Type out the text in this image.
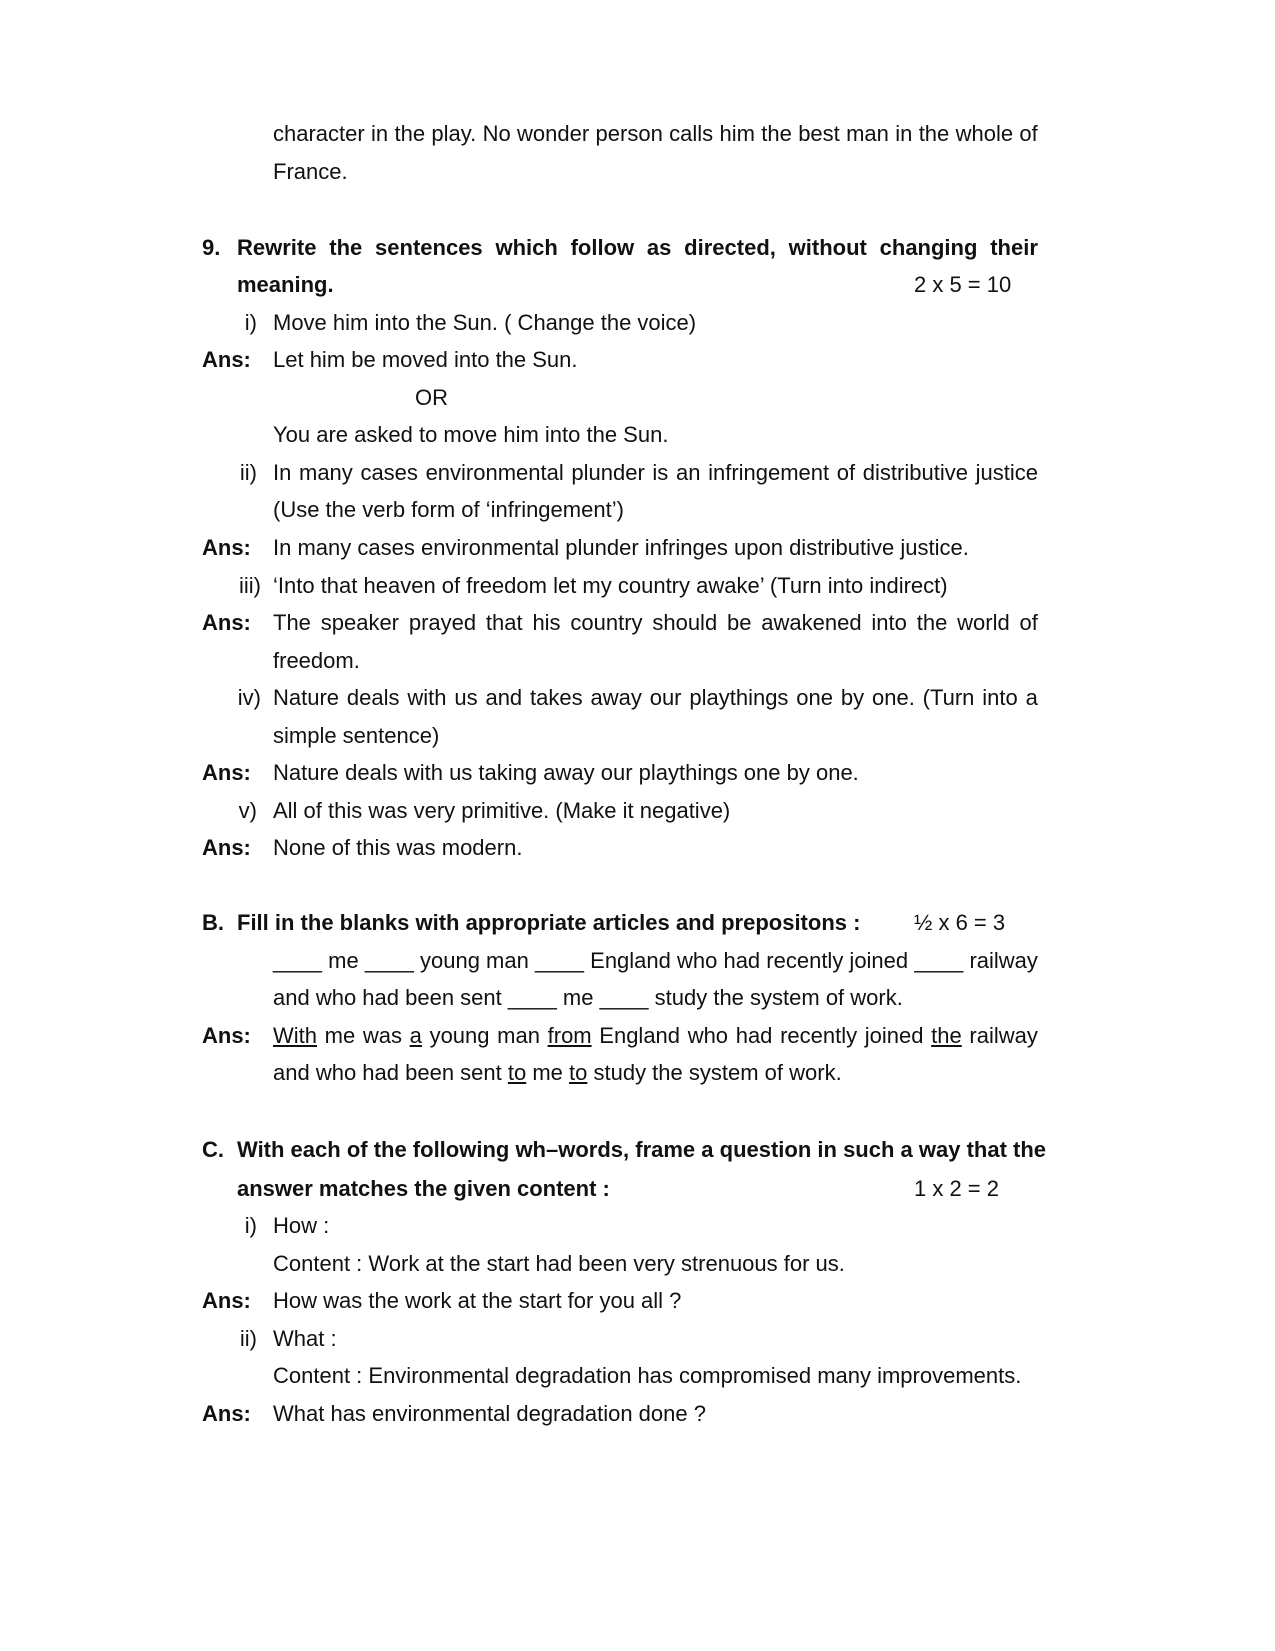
character in the play. No wonder person calls him the best man in the whole of
France.
9. Rewrite the sentences which follow as directed, without changing their
meaning.	2 x 5 = 10
i) Move him into the Sun. ( Change the voice)
Ans: Let him be moved into the Sun.
OR
You are asked to move him into the Sun.
ii) In many cases environmental plunder is an infringement of distributive justice
(Use the verb form of ‘infringement’)
Ans: In many cases environmental plunder infringes upon distributive justice.
iii) ‘Into that heaven of freedom let my country awake’ (Turn into indirect)
Ans: The speaker prayed that his country should be awakened into the world of
freedom.
iv) Nature deals with us and takes away our playthings one by one. (Turn into a
simple sentence)
Ans: Nature deals with us taking away our playthings one by one.
v) All of this was very primitive. (Make it negative)
Ans: None of this was modern.
B. Fill in the blanks with appropriate articles and prepositons : ½ x 6 = 3
____ me ____ young man ____ England who had recently joined ____ railway
and who had been sent ____ me ____ study the system of work.
Ans: With me was a young man from England who had recently joined the railway
and who had been sent to me to study the system of work.
C. With each of the following wh–words, frame a question in such a way that the
answer matches the given content :	1 x 2 = 2
i) How :
Content : Work at the start had been very strenuous for us.
Ans: How was the work at the start for you all ?
ii) What :
Content : Environmental degradation has compromised many improvements.
Ans: What has environmental degradation done ?
